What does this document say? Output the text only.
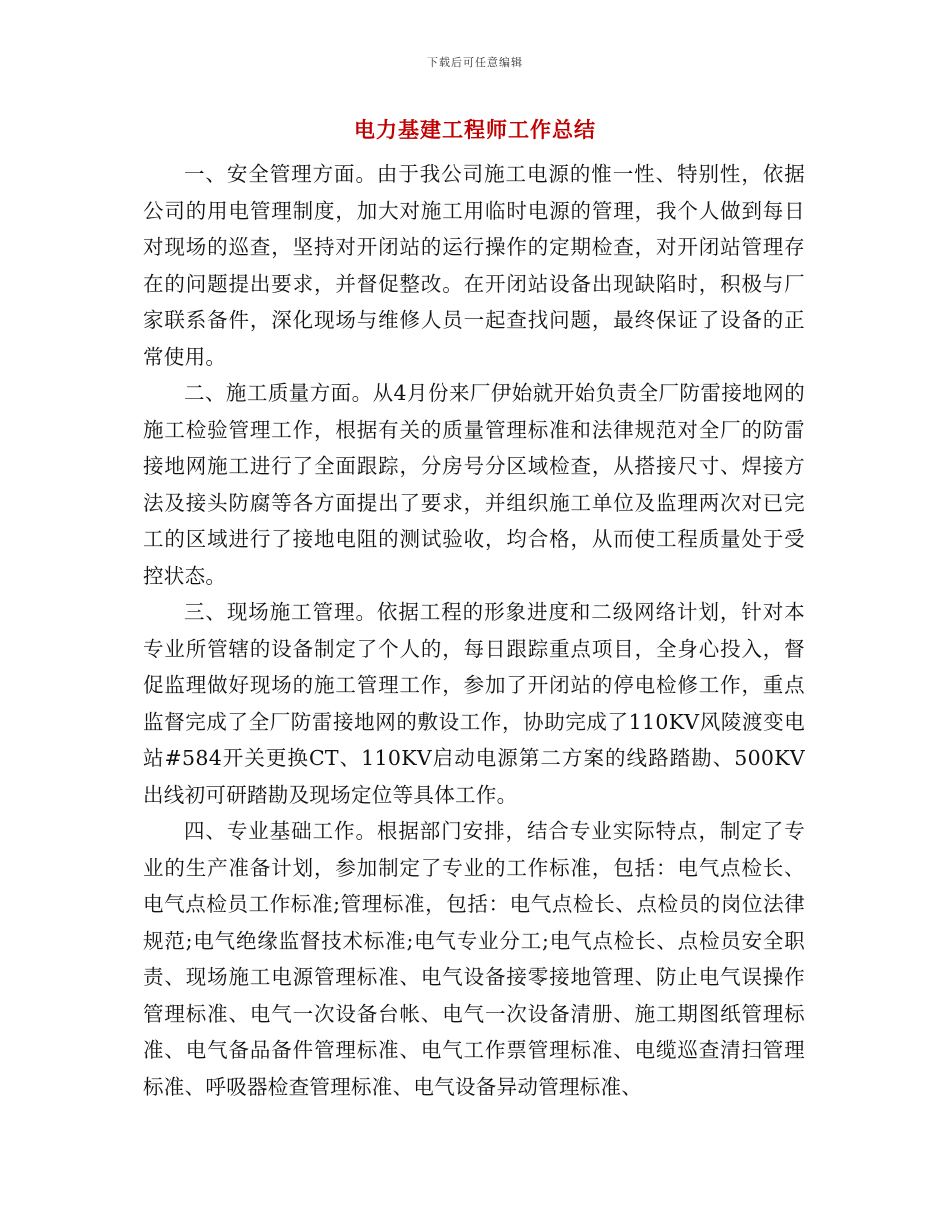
下载后可任意编辑
电力基建工程师工作总结

一、安全管理方面。由于我公司施工电源的惟一性、特别性，依据公司的用电管理制度，加大对施工用临时电源的管理，我个人做到每日对现场的巡查，坚持对开闭站的运行操作的定期检查，对开闭站管理存在的问题提出要求，并督促整改。在开闭站设备出现缺陷时，积极与厂家联系备件，深化现场与维修人员一起查找问题，最终保证了设备的正常使用。

二、施工质量方面。从4月份来厂伊始就开始负责全厂防雷接地网的施工检验管理工作，根据有关的质量管理标准和法律规范对全厂的防雷接地网施工进行了全面跟踪，分房号分区域检查，从搭接尺寸、焊接方法及接头防腐等各方面提出了要求，并组织施工单位及监理两次对已完工的区域进行了接地电阻的测试验收，均合格，从而使工程质量处于受控状态。

三、现场施工管理。依据工程的形象进度和二级网络计划，针对本专业所管辖的设备制定了个人的，每日跟踪重点项目，全身心投入，督促监理做好现场的施工管理工作，参加了开闭站的停电检修工作，重点监督完成了全厂防雷接地网的敷设工作，协助完成了110KV风陵渡变电站#584开关更换CT、110KV启动电源第二方案的线路踏勘、500KV出线初可研踏勘及现场定位等具体工作。

四、专业基础工作。根据部门安排，结合专业实际特点，制定了专业的生产准备计划，参加制定了专业的工作标准，包括：电气点检长、电气点检员工作标准;管理标准，包括：电气点检长、点检员的岗位法律规范;电气绝缘监督技术标准;电气专业分工;电气点检长、点检员安全职责、现场施工电源管理标准、电气设备接零接地管理、防止电气误操作管理标准、电气一次设备台帐、电气一次设备清册、施工期图纸管理标准、电气备品备件管理标准、电气工作票管理标准、电缆巡查清扫管理标准、呼吸器检查管理标准、电气设备异动管理标准、
